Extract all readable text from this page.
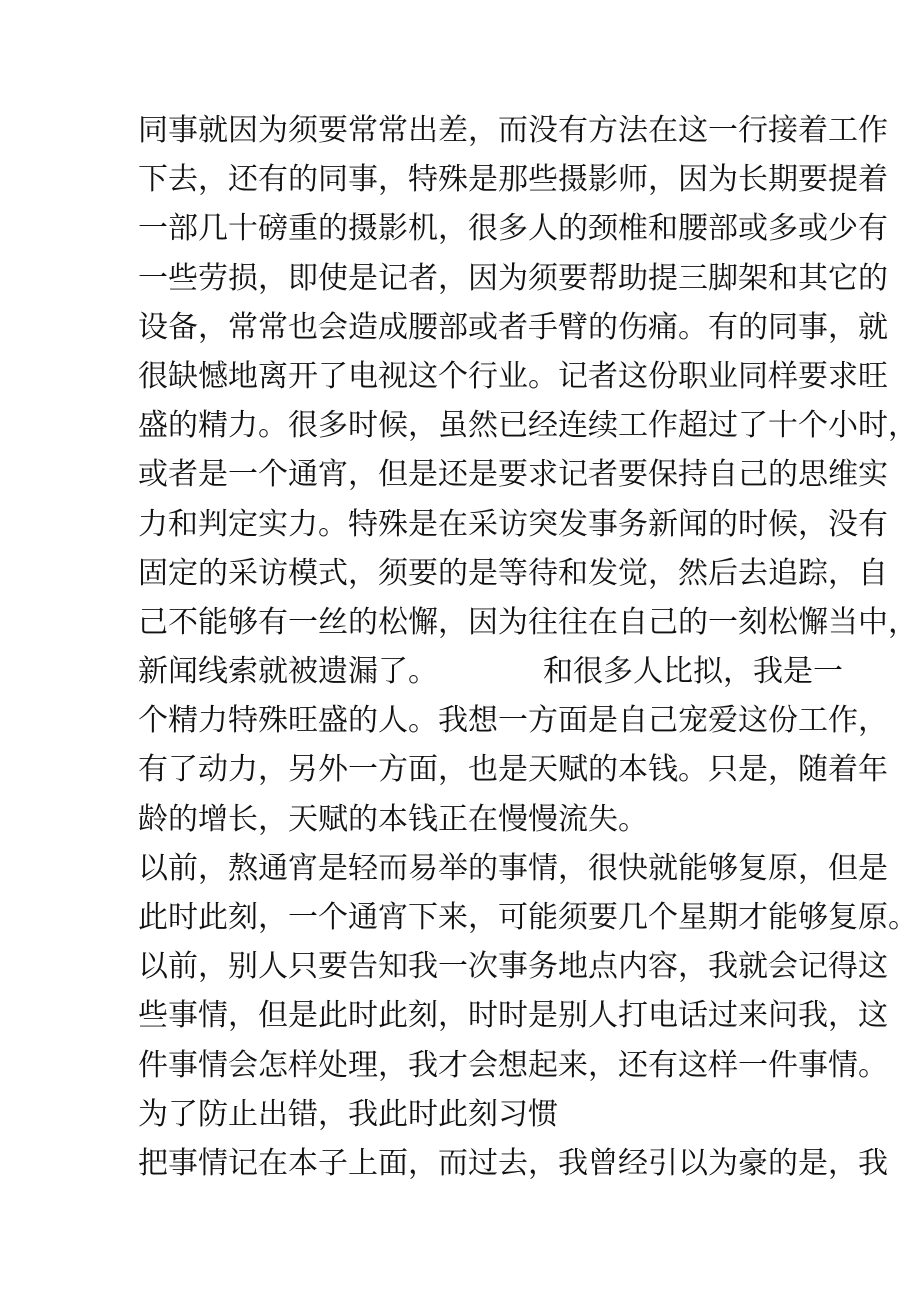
同事就因为须要常常出差，而没有方法在这一行接着工作
下去，还有的同事，特殊是那些摄影师，因为长期要提着
一部几十磅重的摄影机，很多人的颈椎和腰部或多或少有
一些劳损，即使是记者，因为须要帮助提三脚架和其它的
设备，常常也会造成腰部或者手臂的伤痛。有的同事，就
很缺憾地离开了电视这个行业。记者这份职业同样要求旺
盛的精力。很多时候，虽然已经连续工作超过了十个小时，
或者是一个通宵，但是还是要求记者要保持自己的思维实
力和判定实力。特殊是在采访突发事务新闻的时候，没有
固定的采访模式，须要的是等待和发觉，然后去追踪，自
己不能够有一丝的松懈，因为往往在自己的一刻松懈当中，
新闻线索就被遗漏了。　　　　和很多人比拟，我是一
个精力特殊旺盛的人。我想一方面是自己宠爱这份工作，
有了动力，另外一方面，也是天赋的本钱。只是，随着年
龄的增长，天赋的本钱正在慢慢流失。
以前，熬通宵是轻而易举的事情，很快就能够复原，但是
此时此刻，一个通宵下来，可能须要几个星期才能够复原。
以前，别人只要告知我一次事务地点内容，我就会记得这
些事情，但是此时此刻，时时是别人打电话过来问我，这
件事情会怎样处理，我才会想起来，还有这样一件事情。
为了防止出错，我此时此刻习惯
把事情记在本子上面，而过去，我曾经引以为豪的是，我
